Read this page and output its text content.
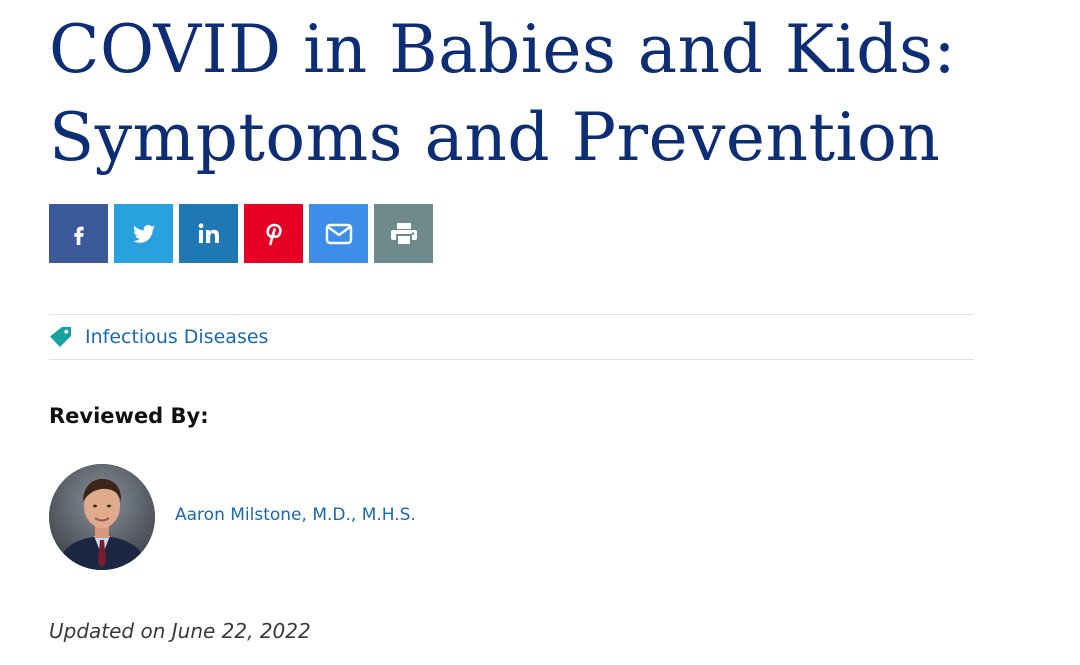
COVID in Babies and Kids:
Symptoms and Prevention
Infectious Diseases
Reviewed By:
Aaron Milstone, M.D., M.H.S.
Updated on June 22, 2022
